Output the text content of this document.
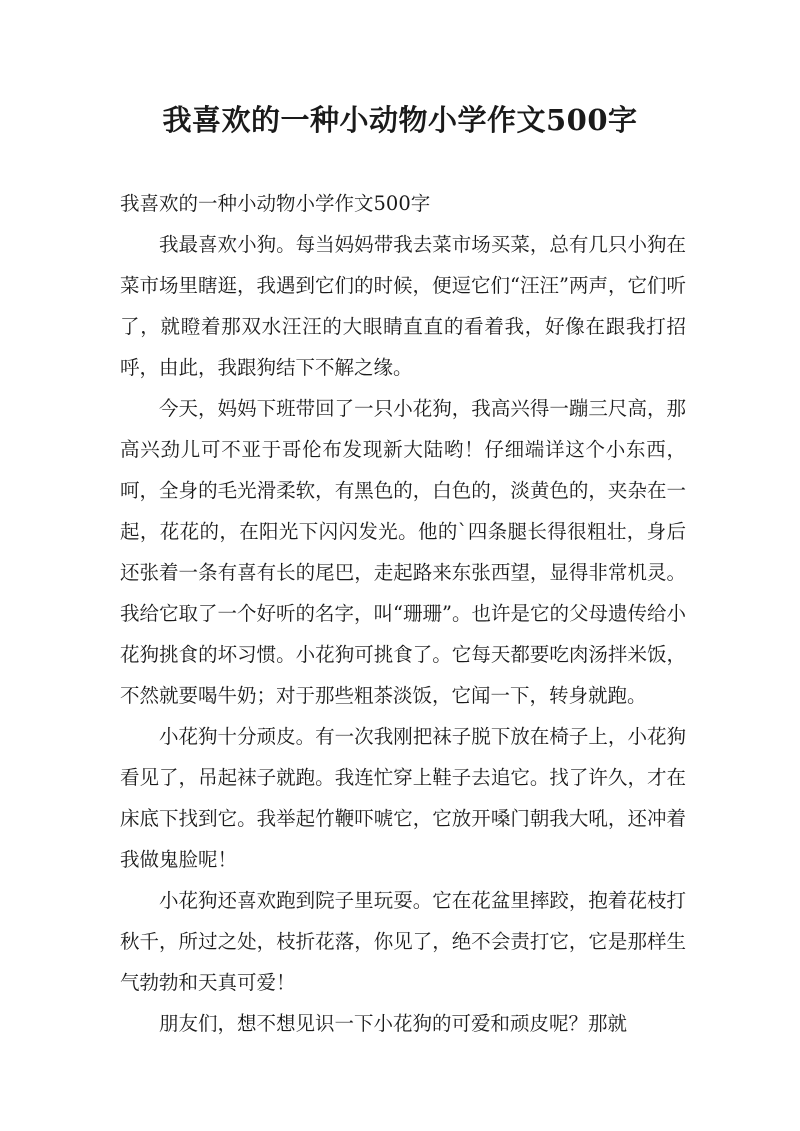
我喜欢的一种小动物小学作文500字

我喜欢的一种小动物小学作文500字

我最喜欢小狗。每当妈妈带我去菜市场买菜，总有几只小狗在菜市场里瞎逛，我遇到它们的时候，便逗它们“汪汪”两声，它们听了，就瞪着那双水汪汪的大眼睛直直的看着我，好像在跟我打招呼，由此，我跟狗结下不解之缘。

今天，妈妈下班带回了一只小花狗，我高兴得一蹦三尺高，那高兴劲儿可不亚于哥伦布发现新大陆哟！仔细端详这个小东西，呵，全身的毛光滑柔软，有黑色的，白色的，淡黄色的，夹杂在一起，花花的，在阳光下闪闪发光。他的`四条腿长得很粗壮，身后还张着一条有喜有长的尾巴，走起路来东张西望，显得非常机灵。我给它取了一个好听的名字，叫“珊珊”。也许是它的父母遗传给小花狗挑食的坏习惯。小花狗可挑食了。它每天都要吃肉汤拌米饭，不然就要喝牛奶；对于那些粗茶淡饭，它闻一下，转身就跑。

小花狗十分顽皮。有一次我刚把袜子脱下放在椅子上，小花狗看见了，吊起袜子就跑。我连忙穿上鞋子去追它。找了许久，才在床底下找到它。我举起竹鞭吓唬它，它放开嗓门朝我大吼，还冲着我做鬼脸呢！

小花狗还喜欢跑到院子里玩耍。它在花盆里摔跤，抱着花枝打秋千，所过之处，枝折花落，你见了，绝不会责打它，它是那样生气勃勃和天真可爱！

朋友们，想不想见识一下小花狗的可爱和顽皮呢？那就
